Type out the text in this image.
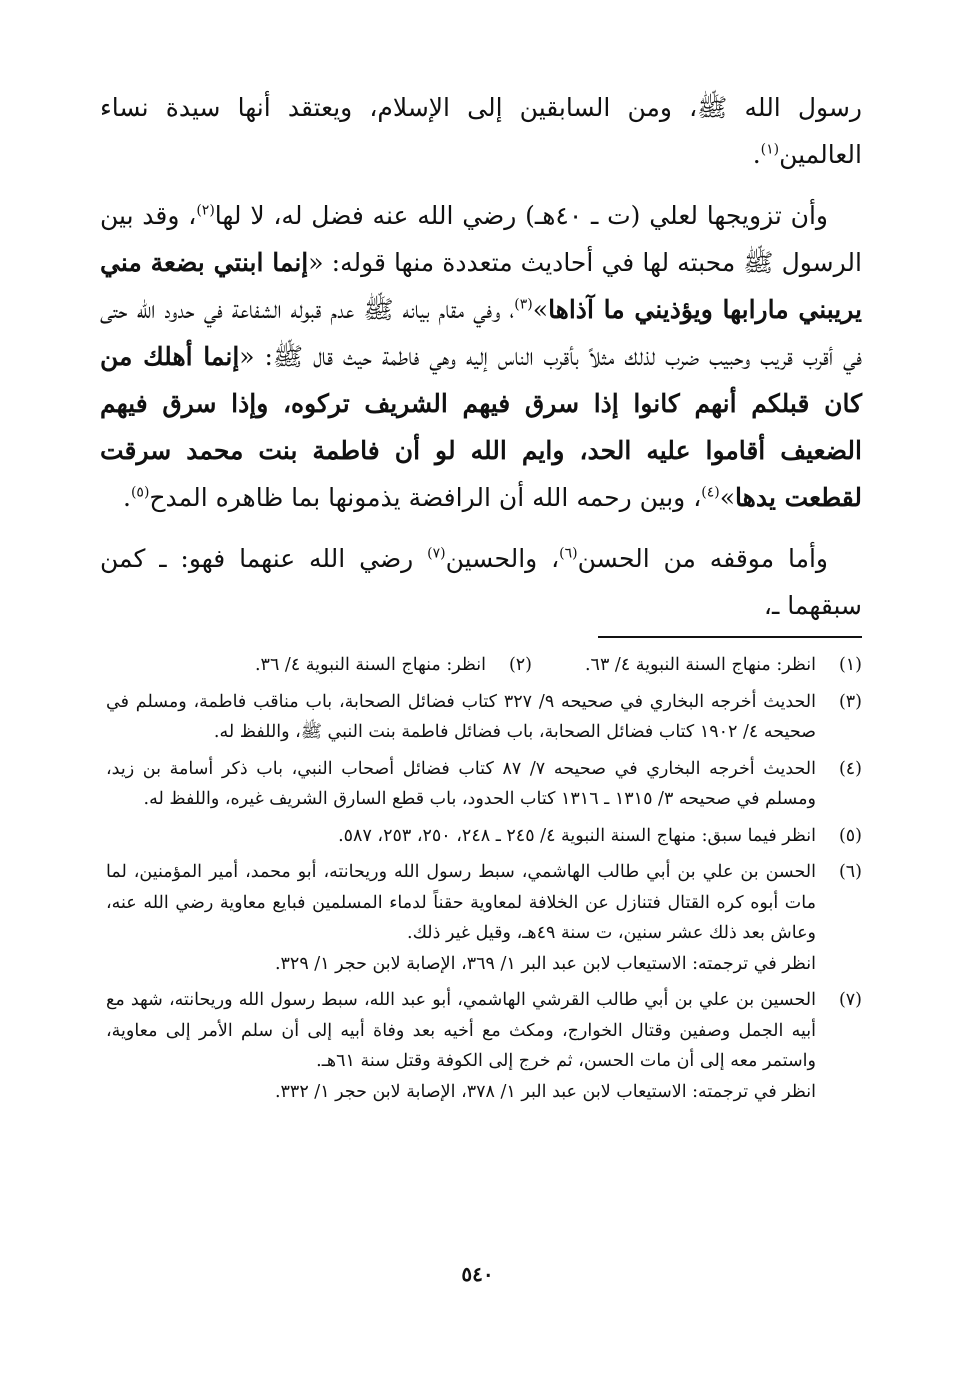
رسول الله ﷺ، ومن السابقين إلى الإسلام، ويعتقد أنها سيدة نساء العالمين$^{(١)}$.

وأن تزويجها لعلي (ت ـ ٤٠هـ) رضي الله عنه فضل له، لا لها$^{(٢)}$، وقد بين الرسول ﷺ محبته لها في أحاديث متعددة منها قوله: «إنما ابنتي بضعة مني يريبني مارابها ويؤذيني ما آذاها»$^{(٣)}$، وفي مقام بيانه ﷺ عدم قبوله الشفاعة في حدود الله حتى في أقرب قريب وحبيب ضرب لذلك مثلاً بأقرب الناس إليه وهي فاطمة حيث قال ﷺ: «إنما أهلك من كان قبلكم أنهم كانوا إذا سرق فيهم الشريف تركوه، وإذا سرق فيهم الضعيف أقاموا عليه الحد، وايم الله لو أن فاطمة بنت محمد سرقت لقطعت يدها»$^{(٤)}$، وبين رحمه الله أن الرافضة يذمونها بما ظاهره المدح$^{(٥)}$.

وأما موقفه من الحسن$^{(٦)}$، والحسين$^{(٧)}$ رضي الله عنهما فهو: ـ كمن سبقهما ـ،

(١)
انظر: منهاج السنة النبوية ٤/ ٦٣.
(٢)
انظر: منهاج السنة النبوية ٤/ ٣٦.
(٣)
الحديث أخرجه البخاري في صحيحه ٩/ ٣٢٧ كتاب فضائل الصحابة، باب مناقب فاطمة، ومسلم في صحيحه ٤/ ١٩٠٢ كتاب فضائل الصحابة، باب فضائل فاطمة بنت النبي ﷺ، واللفظ له.
(٤)
الحديث أخرجه البخاري في صحيحه ٧/ ٨٧ كتاب فضائل أصحاب النبي، باب ذكر أسامة بن زيد، ومسلم في صحيحه ٣/ ١٣١٥ ـ ١٣١٦ كتاب الحدود، باب قطع السارق الشريف غيره، واللفظ له.
(٥)
انظر فيما سبق: منهاج السنة النبوية ٤/ ٢٤٥ ـ ٢٤٨، ٢٥٠، ٢٥٣، ٥٨٧.
(٦)
الحسن بن علي بن أبي طالب الهاشمي، سبط رسول الله وريحانته، أبو محمد، أمير المؤمنين، لما مات أبوه كره القتال فتنازل عن الخلافة لمعاوية حقناً لدماء المسلمين فبايع معاوية رضي الله عنه، وعاش بعد ذلك عشر سنين، ت سنة ٤٩هـ، وقيل غير ذلك.
انظر في ترجمته: الاستيعاب لابن عبد البر ١/ ٣٦٩، الإصابة لابن حجر ١/ ٣٢٩.
(٧)
الحسين بن علي بن أبي طالب القرشي الهاشمي، أبو عبد الله، سبط رسول الله وريحانته، شهد مع أبيه الجمل وصفين وقتال الخوارج، ومكث مع أخيه بعد وفاة أبيه إلى أن سلم الأمر إلى معاوية، واستمر معه إلى أن مات الحسن، ثم خرج إلى الكوفة وقتل سنة ٦١هـ.
انظر في ترجمته: الاستيعاب لابن عبد البر ١/ ٣٧٨، الإصابة لابن حجر ١/ ٣٣٢.
٥٤٠
